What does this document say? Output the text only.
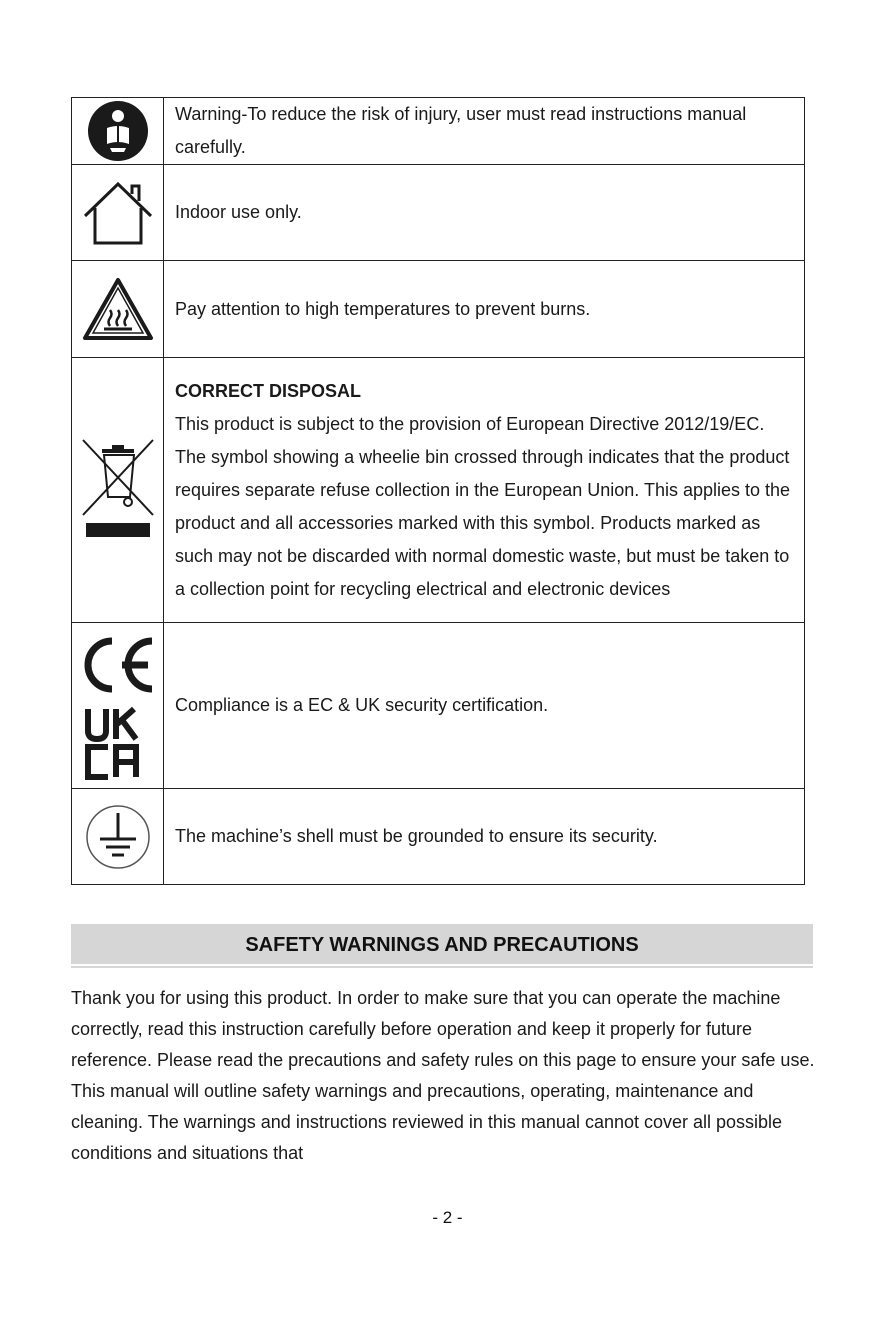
	Warning-To reduce the risk of injury, user must read instructions manual carefully.

	Indoor use only.

	Pay attention to high temperatures to prevent burns.

CORRECT DISPOSAL
This product is subject to the provision of European Directive 2012/19/EC. The symbol showing a wheelie bin crossed through indicates that the product requires separate refuse collection in the European Union. This applies to the product and all accessories marked with this symbol. Products marked as such may not be discarded with normal domestic waste, but must be taken to a collection point for recycling electrical and electronic devices

	Compliance is a EC & UK security certification.

	The machine’s shell must be grounded to ensure its security.
SAFETY WARNINGS AND PRECAUTIONS

Thank you for using this product. In order to make sure that you can operate the machine correctly, read this instruction carefully before operation and keep it properly for future reference. Please read the precautions and safety rules on this page to ensure your safe use. This manual will outline safety warnings and precautions, operating, maintenance and cleaning. The warnings and instructions reviewed in this manual cannot cover all possible conditions and situations that

- 2 -
